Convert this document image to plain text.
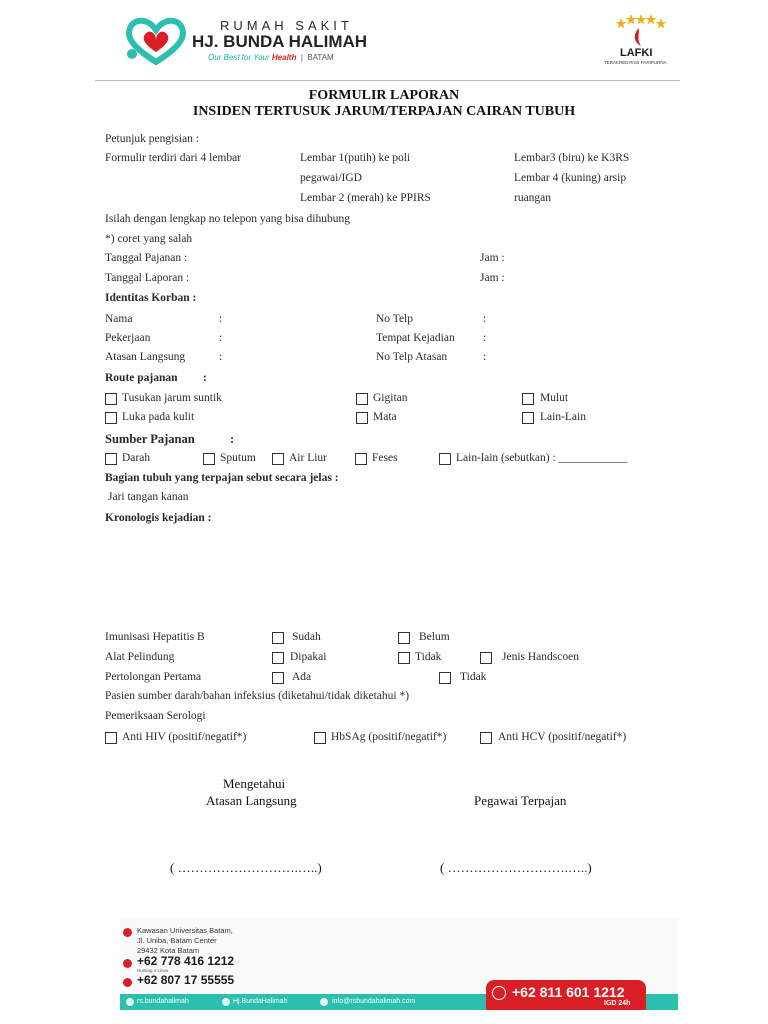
RUMAH SAKIT
HJ. BUNDA HALIMAH
Our Best for Your Health | BATAM	LAFKI
TERAKREDITASI PARIPURNA
FORMULIR LAPORAN
INSIDEN TERTUSUK JARUM/TERPAJAN CAIRAN TUBUH
Petunjuk pengisian :
Formulir terdiri dari 4 lembar	Lembar 1(putih) ke poli
pegawai/IGD
Lembar 2 (merah) ke PPIRS
Lembar3 (biru) ke K3RS
Lembar 4 (kuning) arsip
ruangan
Isilah dengan lengkap no telepon yang bisa dihubung
*) coret yang salah
Tanggal Pajanan :	Jam :
Tanggal Laporan :	Jam :
Identitas Korban :
Nama	:	No Telp	:
Pekerjaan	:	Tempat Kejadian :
Atasan Langsung	:	No Telp Atasan	:
Route pajanan :
Tusukan jarum suntik	Gigitan	Mulut
Luka pada kulit	Mata	Lain-Lain
Sumber Pajanan	:
Darah	Sputum	Air Liur	Feses	Lain-lain (sebutkan) : ____________
Bagian tubuh yang terpajan sebut secara jelas :
Jari tangan kanan
Kronologis kejadian :
Imunisasi Hepatitis B	Sudah	Belum
Alat Pelindung	Dipakai	Tidak	Jenis Handscoen
Pertolongan Pertama	Ada	Tidak
Pasien sumber darah/bahan infeksius (diketahui/tidak diketahui *)
Pemeriksaan Serologi
Anti HIV (positif/negatif*)	HbSAg (positif/negatif*)	Anti HCV (positif/negatif*)
Mengetahui
Atasan Langsung	Pegawai Terpajan
( ……………………….…..)	( ……………………….…..)
Kawasan Universitas Batam,
Jl. Uniba, Batam Center
29432 Kota Batam
+62 778 416 1212
Hunting 4 Lines
+62 807 17 55555
rs.bundahalimah	Hj.BundaHalimah	info@rsbundahalimah.com
+62 811 601 1212
IGD 24h
